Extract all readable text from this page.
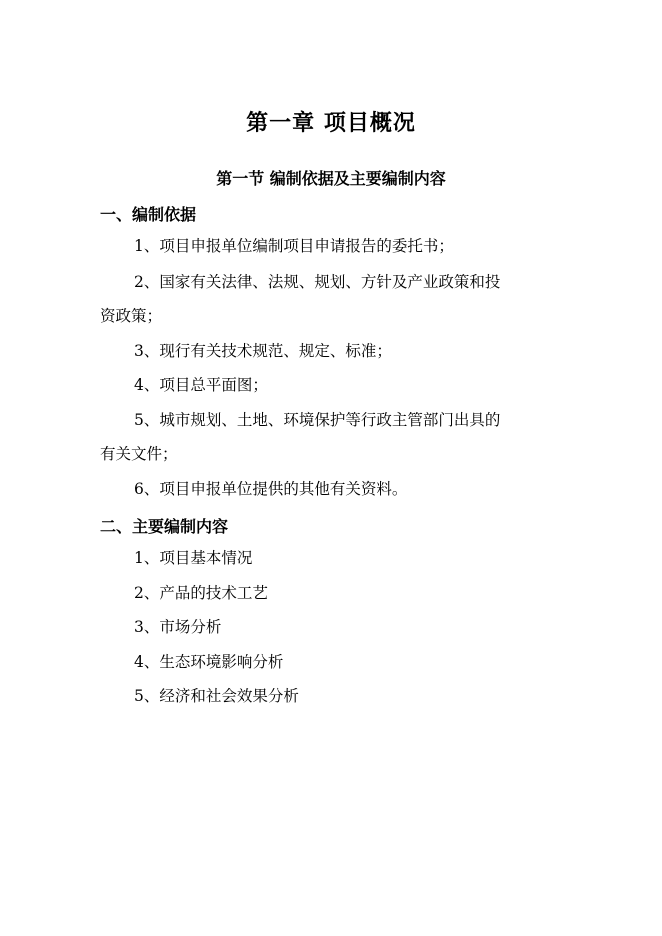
第一章 项目概况
第一节 编制依据及主要编制内容
一、编制依据
1、项目申报单位编制项目申请报告的委托书；
2、国家有关法律、法规、规划、方针及产业政策和投
资政策；
3、现行有关技术规范、规定、标准；
4、项目总平面图；
5、城市规划、土地、环境保护等行政主管部门出具的
有关文件；
6、项目申报单位提供的其他有关资料。
二、主要编制内容
1、项目基本情况
2、产品的技术工艺
3、市场分析
4、生态环境影响分析
5、经济和社会效果分析
